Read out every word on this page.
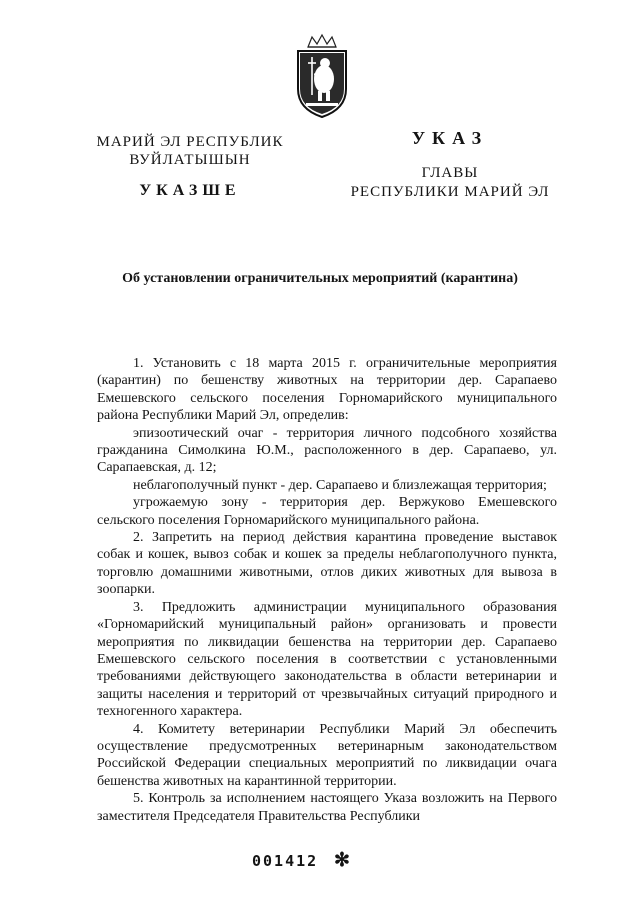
МАРИЙ ЭЛ РЕСПУБЛИК
ВУЙЛАТЫШЫН
УКАЗШЕ
УКАЗ
ГЛАВЫ
РЕСПУБЛИКИ МАРИЙ ЭЛ
Об установлении ограничительных мероприятий (карантина)

1. Установить с 18 марта 2015 г. ограничительные мероприятия (карантин) по бешенству животных на территории дер. Сарапаево Емешевского сельского поселения Горномарийского муниципального района Республики Марий Эл, определив:

эпизоотический очаг - территория личного подсобного хозяйства гражданина Симолкина Ю.М., расположенного в дер. Сарапаево, ул. Сарапаевская, д. 12;

неблагополучный пункт - дер. Сарапаево и близлежащая территория;

угрожаемую зону - территория дер. Вержуково Емешевского сельского поселения Горномарийского муниципального района.

2. Запретить на период действия карантина проведение выставок собак и кошек, вывоз собак и кошек за пределы неблагополучного пункта, торговлю домашними животными, отлов диких животных для вывоза в зоопарки.

3. Предложить администрации муниципального образования «Горномарийский муниципальный район» организовать и провести мероприятия по ликвидации бешенства на территории дер. Сарапаево Емешевского сельского поселения в соответствии с установленными требованиями действующего законодательства в области ветеринарии и защиты населения и территорий от чрезвычайных ситуаций природного и техногенного характера.

4. Комитету ветеринарии Республики Марий Эл обеспечить осуществление предусмотренных ветеринарным законодательством Российской Федерации специальных мероприятий по ликвидации очага бешенства животных на карантинной территории.

5. Контроль за исполнением настоящего Указа возложить на Первого заместителя Председателя Правительства Республики

001412 ✻
